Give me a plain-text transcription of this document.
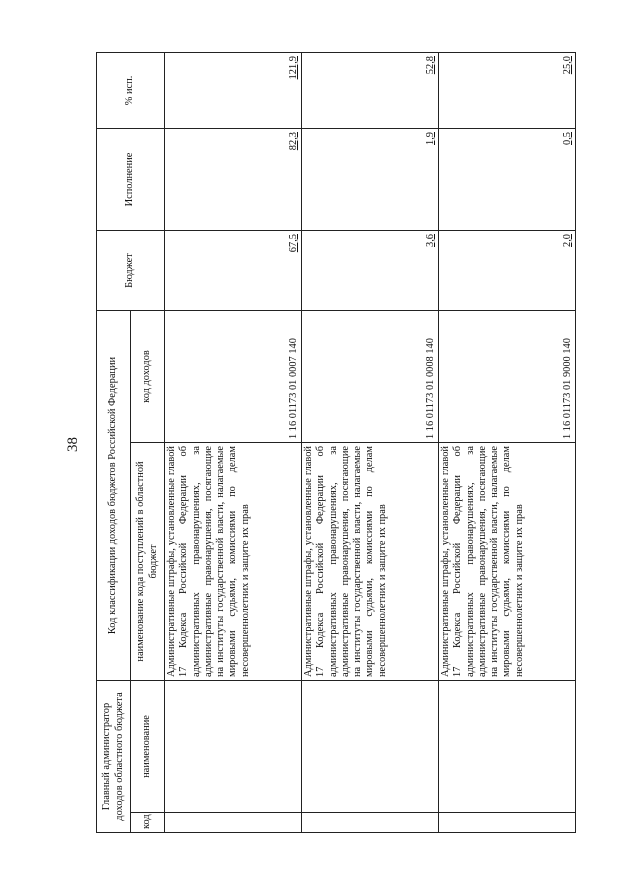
38
Главный администратор доходов областного бюджета		Код классификации доходов бюджетов Российской Федерации		Бюджет	Исполнение	% исп.
код	наименование	наименование кода поступлений в областной бюджет	код доходов			
		Административные штрафы, установленные главой 17 Кодекса Российской Федерации об административных правонарушениях, за административные правонарушения, посягающие на институты государственной власти, налагаемые мировыми судьями, комиссиями по делам несовершеннолетних и защите их прав	1 16 01173 01 0007 140	67,5	82,3	121,9
		Административные штрафы, установленные главой 17 Кодекса Российской Федерации об административных правонарушениях, за административные правонарушения, посягающие на институты государственной власти, налагаемые мировыми судьями, комиссиями по делам несовершеннолетних и защите их прав	1 16 01173 01 0008 140	3,6	1,9	52,8
		Административные штрафы, установленные главой 17 Кодекса Российской Федерации об административных правонарушениях, за административные правонарушения, посягающие на институты государственной власти, налагаемые мировыми судьями, комиссиями по делам несовершеннолетних и защите их прав	1 16 01173 01 9000 140	2,0	0,5	25,0
